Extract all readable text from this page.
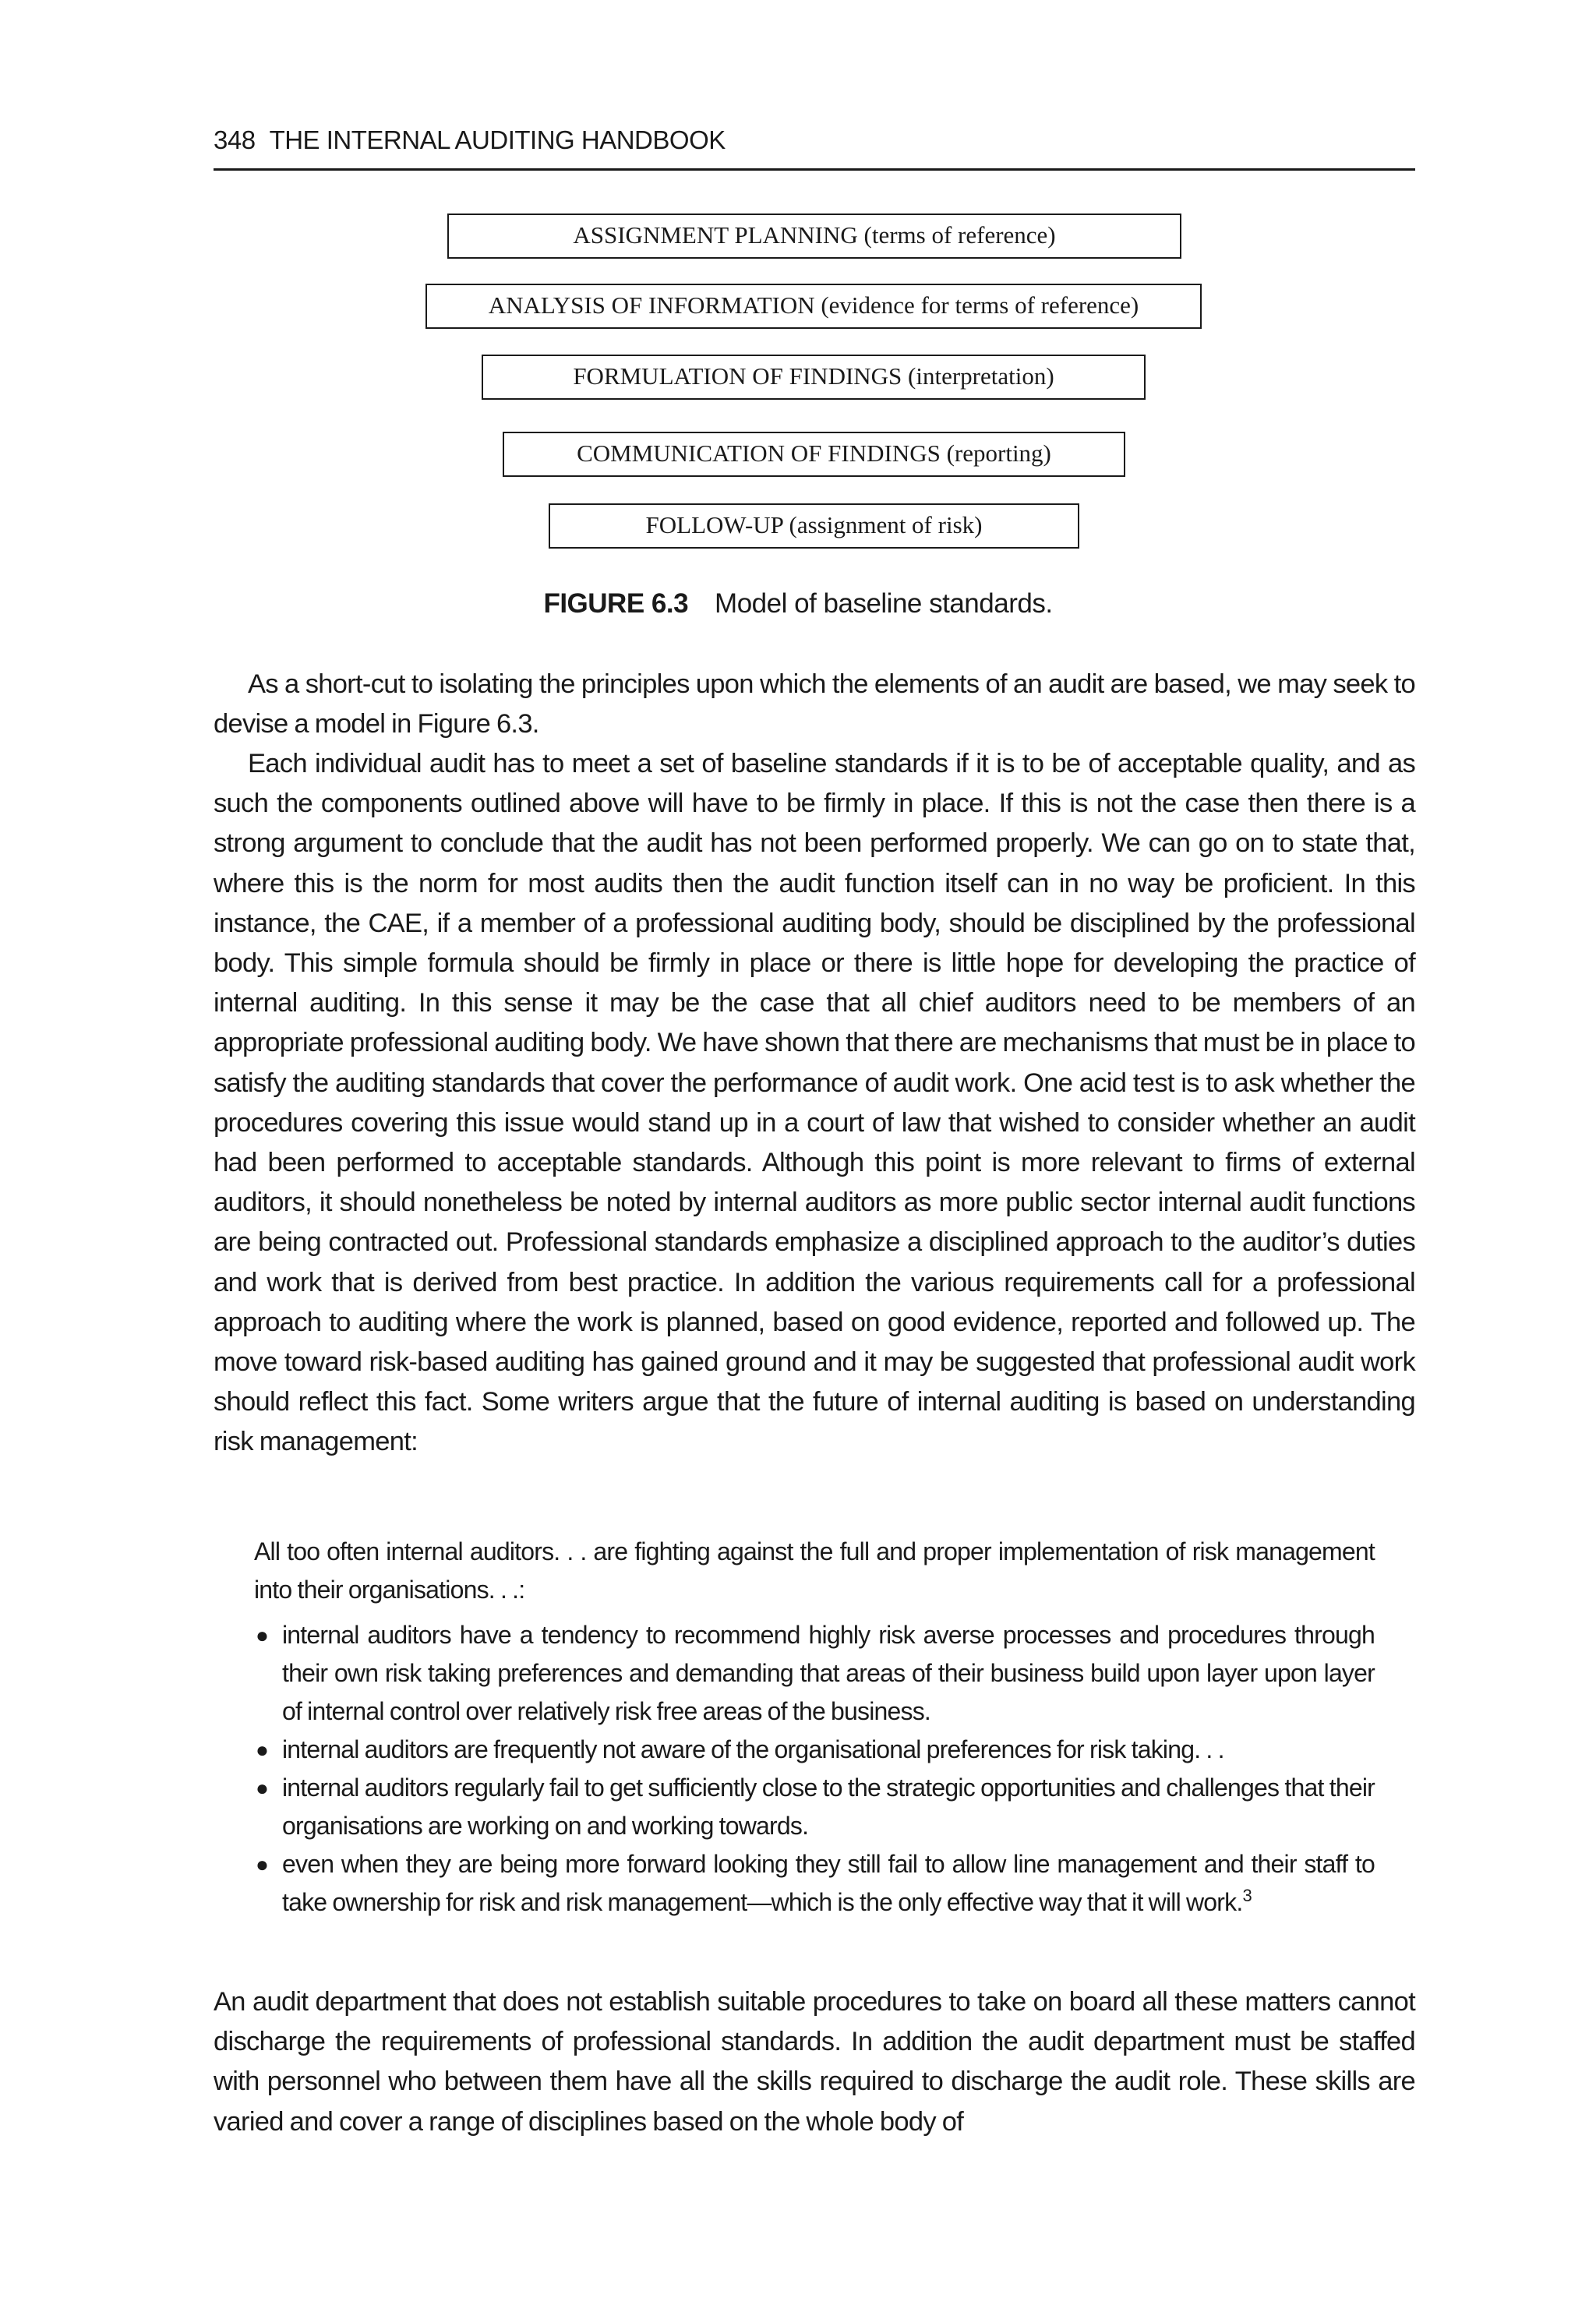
348 THE INTERNAL AUDITING HANDBOOK
ASSIGNMENT PLANNING (terms of reference)
ANALYSIS OF INFORMATION (evidence for terms of reference)
FORMULATION OF FINDINGS (interpretation)
COMMUNICATION OF FINDINGS (reporting)
FOLLOW-UP (assignment of risk)
FIGURE 6.3 Model of baseline standards.

As a short-cut to isolating the principles upon which the elements of an audit are based, we may seek to devise a model in Figure 6.3.

Each individual audit has to meet a set of baseline standards if it is to be of acceptable quality, and as such the components outlined above will have to be firmly in place. If this is not the case then there is a strong argument to conclude that the audit has not been performed properly. We can go on to state that, where this is the norm for most audits then the audit function itself can in no way be proficient. In this instance, the CAE, if a member of a professional auditing body, should be disciplined by the professional body. This simple formula should be firmly in place or there is little hope for developing the practice of internal auditing. In this sense it may be the case that all chief auditors need to be members of an appropriate professional auditing body. We have shown that there are mechanisms that must be in place to satisfy the auditing standards that cover the performance of audit work. One acid test is to ask whether the procedures covering this issue would stand up in a court of law that wished to consider whether an audit had been performed to acceptable standards. Although this point is more relevant to firms of external auditors, it should nonetheless be noted by internal auditors as more public sector internal audit functions are being contracted out. Professional standards emphasize a disciplined approach to the auditor’s duties and work that is derived from best practice. In addition the various requirements call for a professional approach to auditing where the work is planned, based on good evidence, reported and followed up. The move toward risk-based auditing has gained ground and it may be suggested that professional audit work should reflect this fact. Some writers argue that the future of internal auditing is based on understanding risk management:

All too often internal auditors. . . are fighting against the full and proper implementation of risk management into their organisations. . .:

● internal auditors have a tendency to recommend highly risk averse processes and procedures through their own risk taking preferences and demanding that areas of their business build upon layer upon layer of internal control over relatively risk free areas of the business.
● internal auditors are frequently not aware of the organisational preferences for risk taking. . .
● internal auditors regularly fail to get sufficiently close to the strategic opportunities and challenges that their organisations are working on and working towards.
● even when they are being more forward looking they still fail to allow line management and their staff to take ownership for risk and risk management—which is the only effective way that it will work.$^3$

An audit department that does not establish suitable procedures to take on board all these matters cannot discharge the requirements of professional standards. In addition the audit department must be staffed with personnel who between them have all the skills required to discharge the audit role. These skills are varied and cover a range of disciplines based on the whole body of
